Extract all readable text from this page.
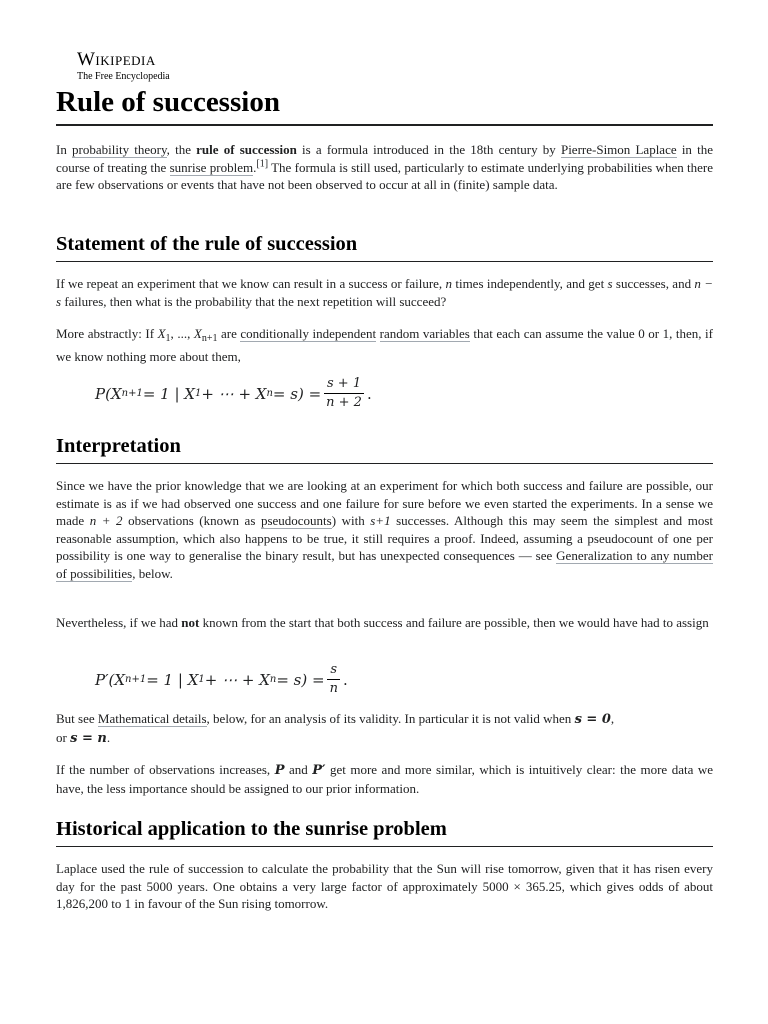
Wikipedia
The Free Encyclopedia
Rule of succession

In probability theory, the rule of succession is a formula introduced in the 18th century by Pierre-Simon Laplace in the course of treating the sunrise problem.[1] The formula is still used, particularly to estimate underlying probabilities when there are few observations or events that have not been observed to occur at all in (finite) sample data.

Statement of the rule of succession

If we repeat an experiment that we know can result in a success or failure, n times independently, and get s successes, and n − s failures, then what is the probability that the next repetition will succeed?

More abstractly: If $X_1$, ..., $X_{n+1}$ are conditionally independent random variables that each can assume the value 0 or 1, then, if we know nothing more about them,

P(X n+1 = 1 | X 1 + ⋯ + X $n = s) = \frac{s + 1}{n + 2}$ .
Interpretation

Since we have the prior knowledge that we are looking at an experiment for which both success and failure are possible, our estimate is as if we had observed one success and one failure for sure before we even started the experiments. In a sense we made n + 2 observations (known as pseudocounts) with s+1 successes. Although this may seem the simplest and most reasonable assumption, which also happens to be true, it still requires a proof. Indeed, assuming a pseudocount of one per possibility is one way to generalise the binary result, but has unexpected consequences — see Generalization to any number of possibilities, below.

Nevertheless, if we had not known from the start that both success and failure are possible, then we would have had to assign

P′(X n+1 = 1 | X 1 + ⋯ + X $n = s) = \frac{s}{n}$ .

But see Mathematical details, below, for an analysis of its validity. In particular it is not valid when s = 0,
or s = n.

If the number of observations increases, P and P′ get more and more similar, which is intuitively clear: the more data we have, the less importance should be assigned to our prior information.

Historical application to the sunrise problem

Laplace used the rule of succession to calculate the probability that the Sun will rise tomorrow, given that it has risen every day for the past 5000 years. One obtains a very large factor of approximately 5000 × 365.25, which gives odds of about 1,826,200 to 1 in favour of the Sun rising tomorrow.
